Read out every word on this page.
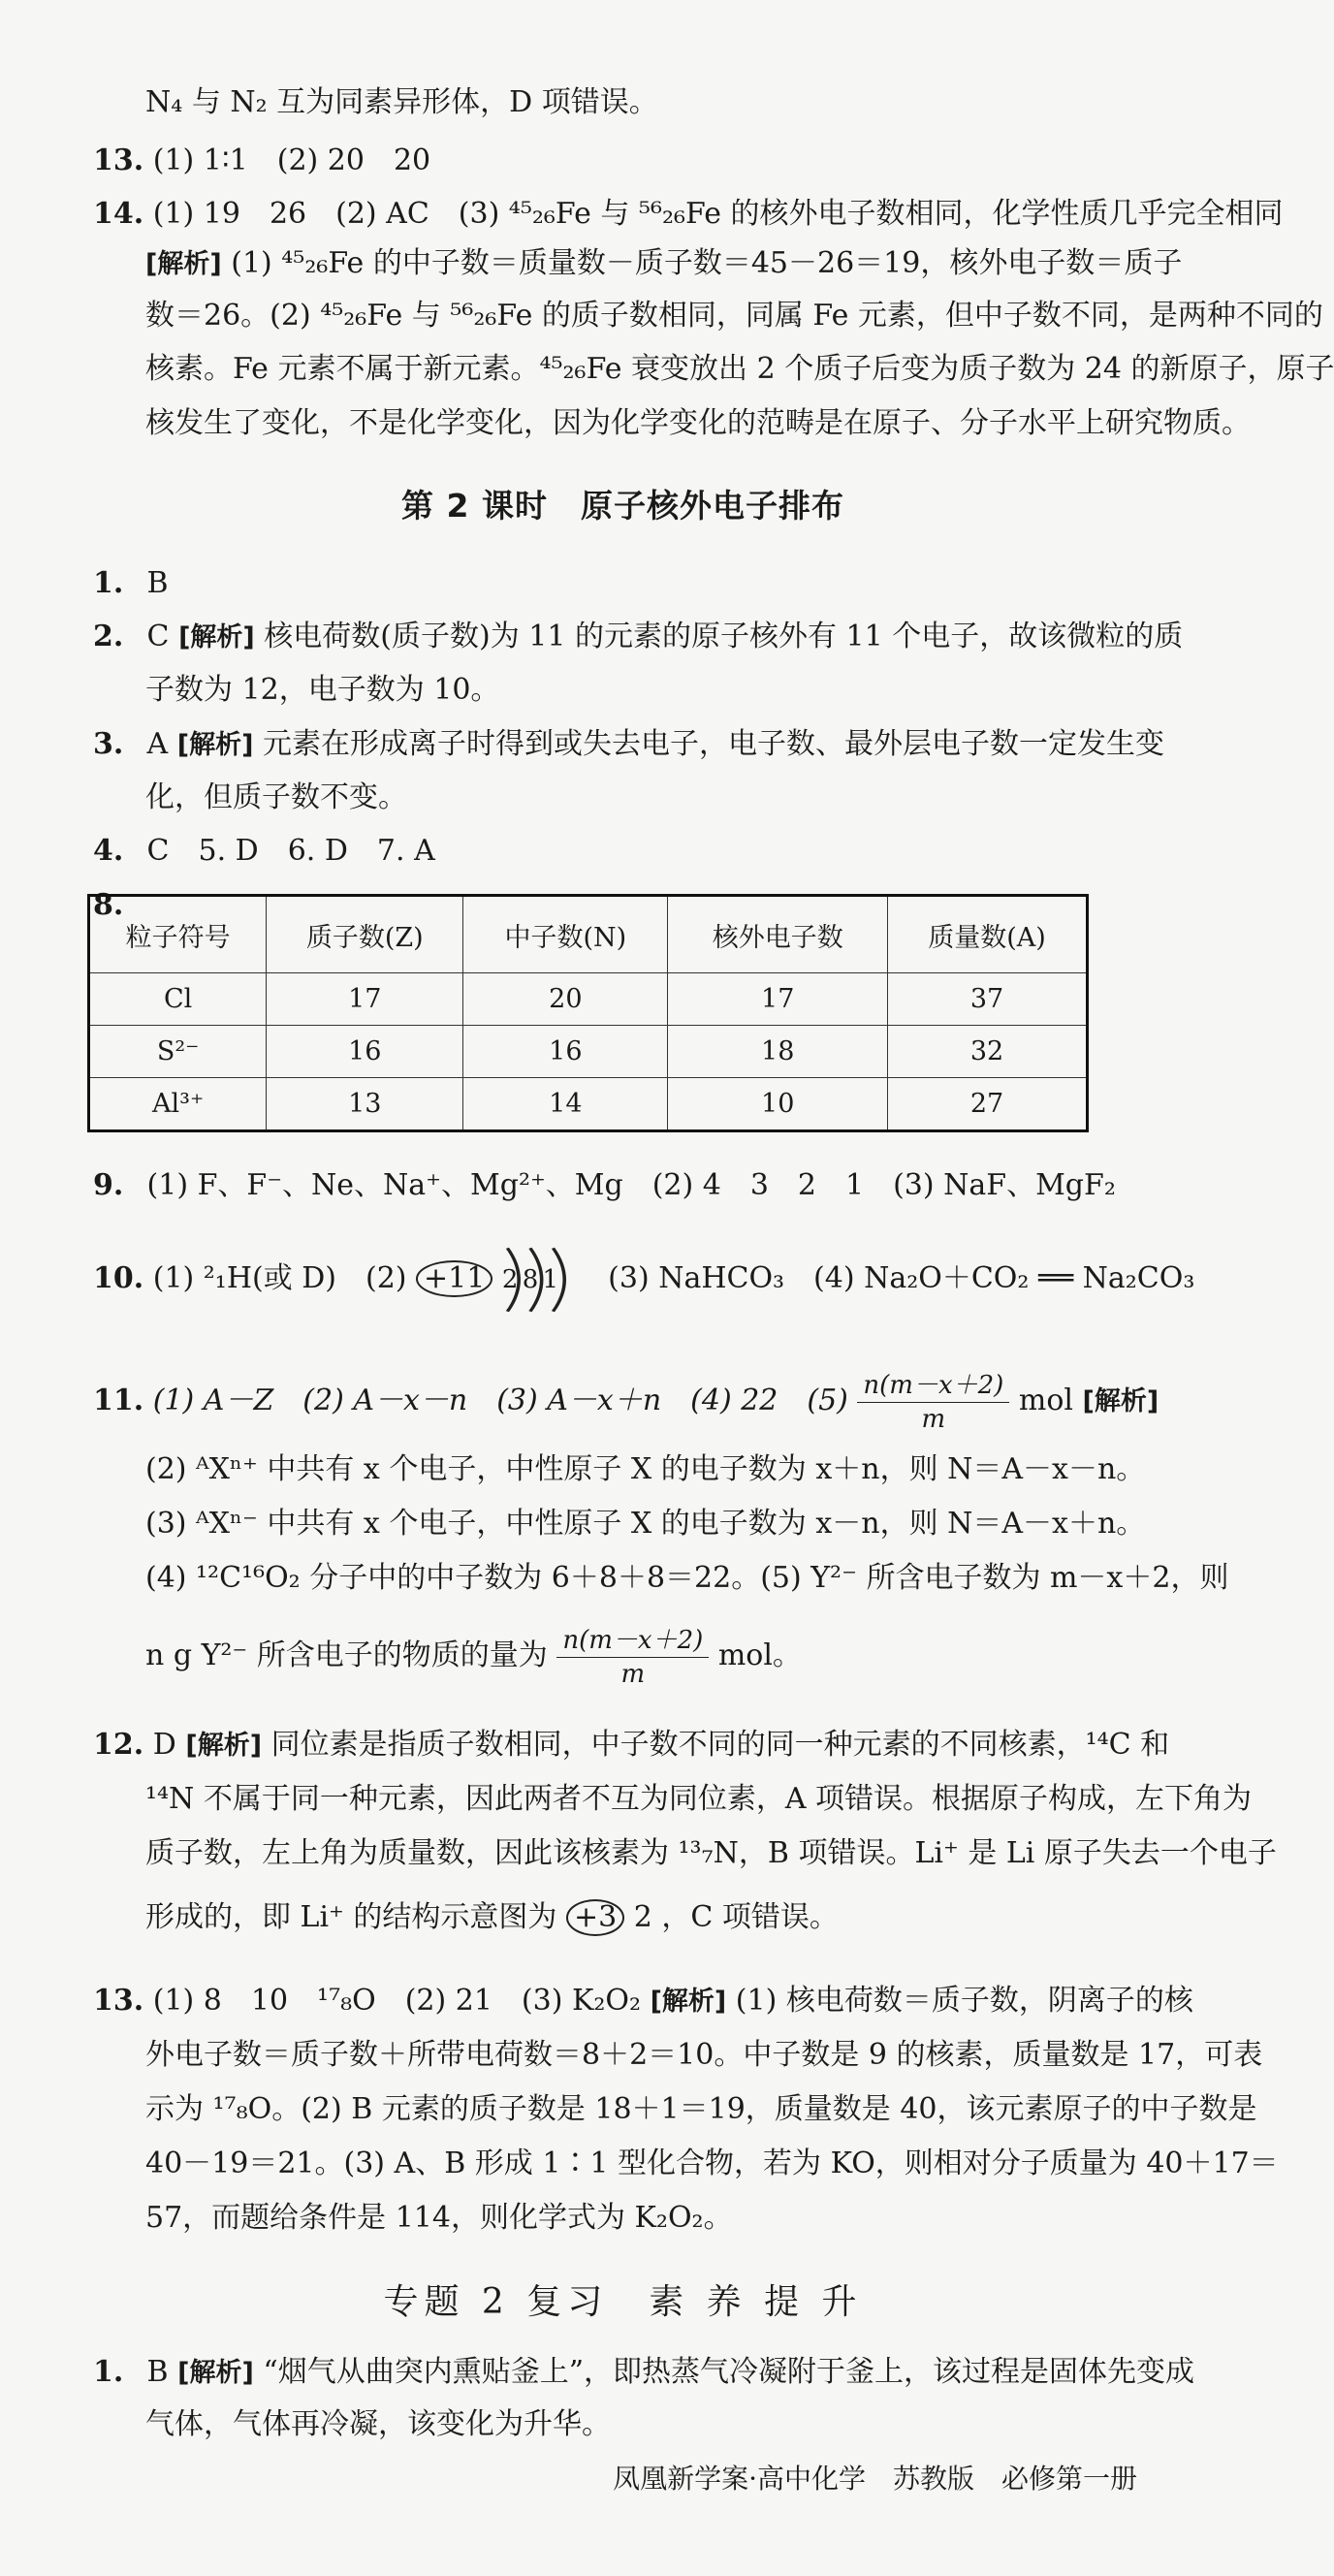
N₄ 与 N₂ 互为同素异形体，D 项错误。
13. (1) 1∶1　(2) 20　20
14. (1) 19　26　(2) AC　(3) ⁴⁵₂₆Fe 与 ⁵⁶₂₆Fe 的核外电子数相同，化学性质几乎完全相同
[解析] (1) ⁴⁵₂₆Fe 的中子数＝质量数－质子数＝45－26＝19，核外电子数＝质子
数＝26。(2) ⁴⁵₂₆Fe 与 ⁵⁶₂₆Fe 的质子数相同，同属 Fe 元素，但中子数不同，是两种不同的
核素。Fe 元素不属于新元素。⁴⁵₂₆Fe 衰变放出 2 个质子后变为质子数为 24 的新原子，原子
核发生了变化，不是化学变化，因为化学变化的范畴是在原子、分子水平上研究物质。
第 2 课时　原子核外电子排布
1. B
2. C [解析] 核电荷数(质子数)为 11 的元素的原子核外有 11 个电子，故该微粒的质
子数为 12，电子数为 10。
3. A [解析] 元素在形成离子时得到或失去电子，电子数、最外层电子数一定发生变
化，但质子数不变。
4. C　5. D　6. D　7. A
8.
粒子符号	质子数(Z)	中子数(N)	核外电子数	质量数(A)
Cl	17	20	17	37
S²⁻	16	16	18	32
Al³⁺	13	14	10	27
9. (1) F、F⁻、Ne、Na⁺、Mg²⁺、Mg　(2) 4　3　2　1　(3) NaF、MgF₂
10. (1) ²₁H(或 D)　(2) +11 2 8 1 (3) NaHCO₃　(4) Na₂O＋CO₂ ══ Na₂CO₃
11. (1) A－Z　(2) A－x－n　(3) A－x＋n　(4) 22　$(5) \frac{n(m-x+2)}{m}$ mol [解析]
(2) ᴬXⁿ⁺ 中共有 x 个电子，中性原子 X 的电子数为 x＋n，则 N＝A－x－n。
(3) ᴬXⁿ⁻ 中共有 x 个电子，中性原子 X 的电子数为 x－n，则 N＝A－x＋n。
(4) ¹²C¹⁶O₂ 分子中的中子数为 6＋8＋8＝22。(5) Y²⁻ 所含电子数为 m－x＋2，则
n g Y²⁻ 所含电子的物质的量为 $\frac{n(m-x+2)}{m}$ mol。
12. D [解析] 同位素是指质子数相同，中子数不同的同一种元素的不同核素，¹⁴C 和
¹⁴N 不属于同一种元素，因此两者不互为同位素，A 项错误。根据原子构成，左下角为
质子数，左上角为质量数，因此该核素为 ¹³₇N，B 项错误。Li⁺ 是 Li 原子失去一个电子
形成的，即 Li⁺ 的结构示意图为 +3 2 ，C 项错误。
13. (1) 8　10　¹⁷₈O　(2) 21　(3) K₂O₂ [解析] (1) 核电荷数＝质子数，阴离子的核
外电子数＝质子数＋所带电荷数＝8＋2＝10。中子数是 9 的核素，质量数是 17，可表
示为 ¹⁷₈O。(2) B 元素的质子数是 18＋1＝19，质量数是 40，该元素原子的中子数是
40－19＝21。(3) A、B 形成 1∶1 型化合物，若为 KO，则相对分子质量为 40＋17＝
57，而题给条件是 114，则化学式为 K₂O₂。
专题 2 复习　素 养 提 升
1. B [解析] “烟气从曲突内熏贴釜上”，即热蒸气冷凝附于釜上，该过程是固体先变成
气体，气体再冷凝，该变化为升华。
凤凰新学案·高中化学　苏教版　必修第一册
